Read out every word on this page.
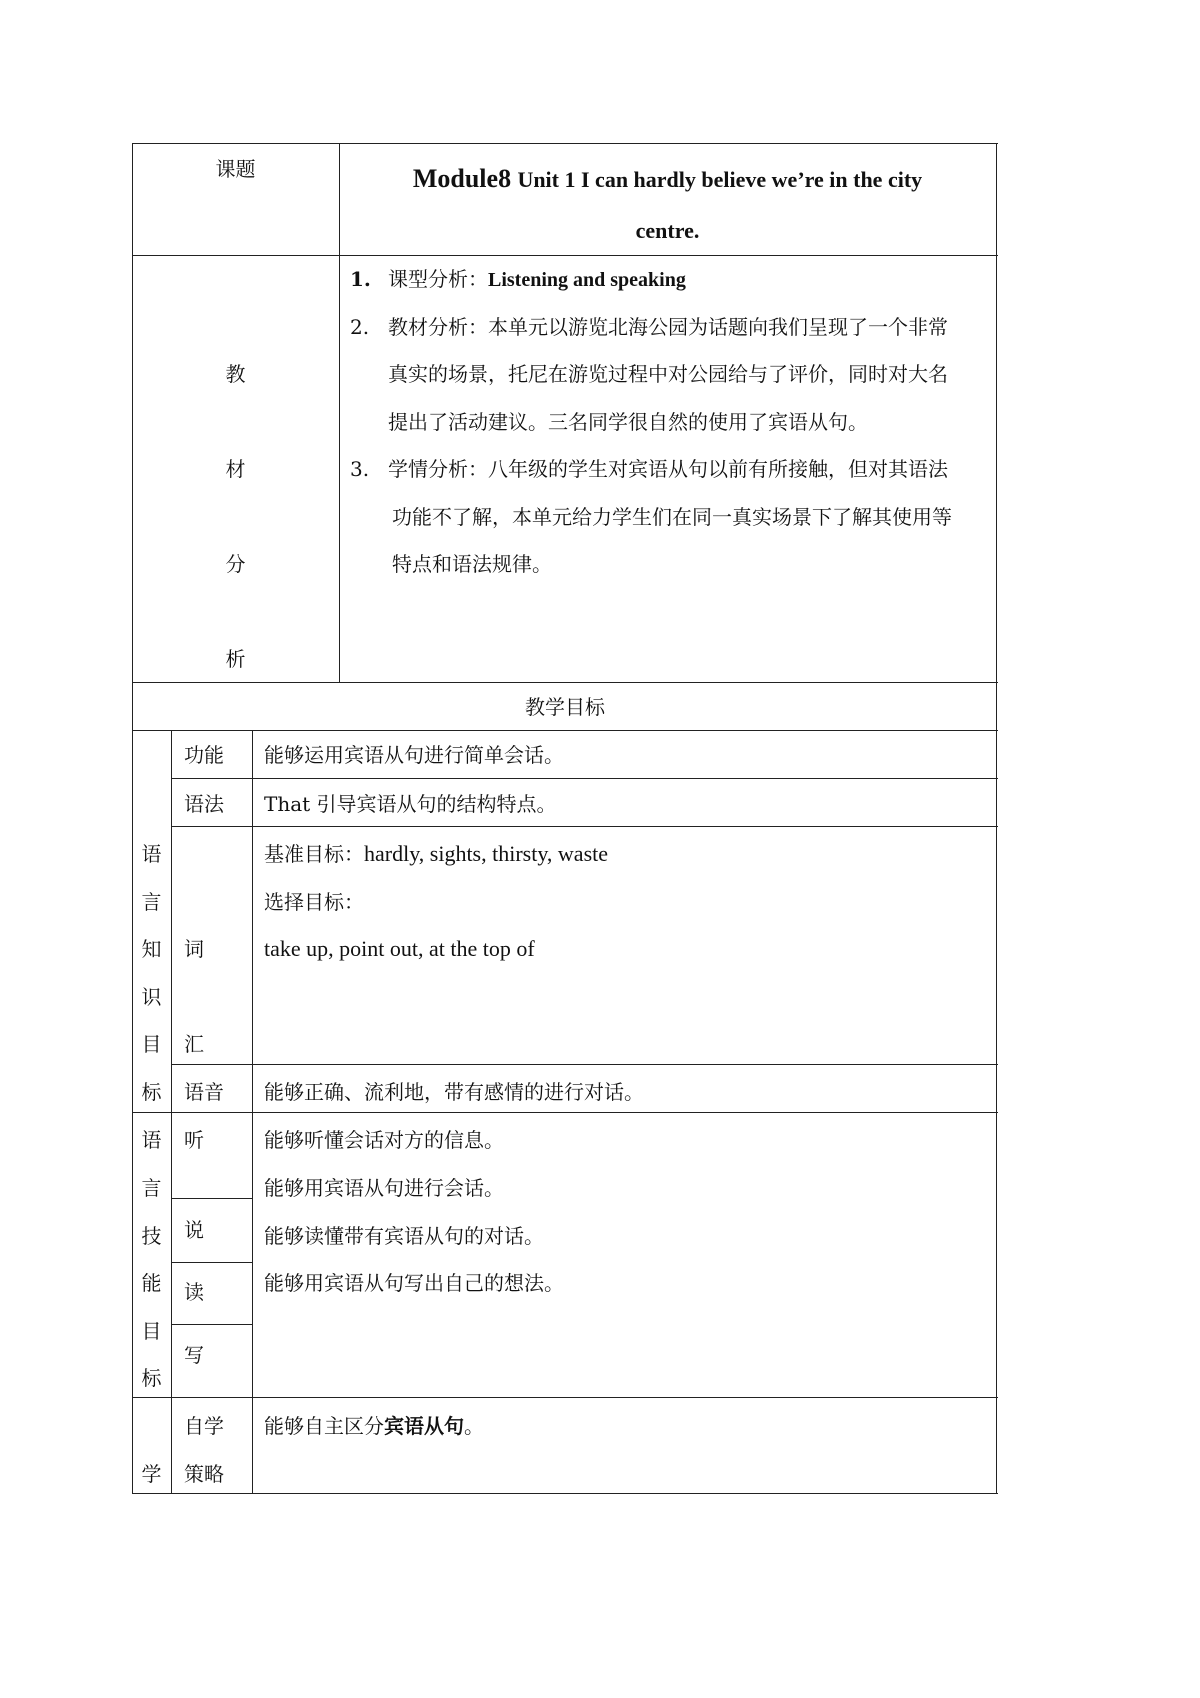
课题	Module8 Unit 1 I can hardly believe we’re in the city
centre.
教
材
分
析
1. 课型分析：Listening and speaking
2. 教材分析：本单元以游览北海公园为话题向我们呈现了一个非常
真实的场景，托尼在游览过程中对公园给与了评价，同时对大名
提出了活动建议。三名同学很自然的使用了宾语从句。
3. 学情分析：八年级的学生对宾语从句以前有所接触，但对其语法
功能不了解，本单元给力学生们在同一真实场景下了解其使用等
特点和语法规律。
教学目标
语
言
知
识
目
标
功能 能够运用宾语从句进行简单会话。
语法 That 引导宾语从句的结构特点。
词
汇
基准目标：hardly, sights, thirsty, waste
选择目标：
take up, point out, at the top of
语音 能够正确、流利地，带有感情的进行对话。
语
言
技
能
目
标
听
说
读
写
能够听懂会话对方的信息。
能够用宾语从句进行会话。
能够读懂带有宾语从句的对话。
能够用宾语从句写出自己的想法。
学
自学
策略
能够自主区分宾语从句。
